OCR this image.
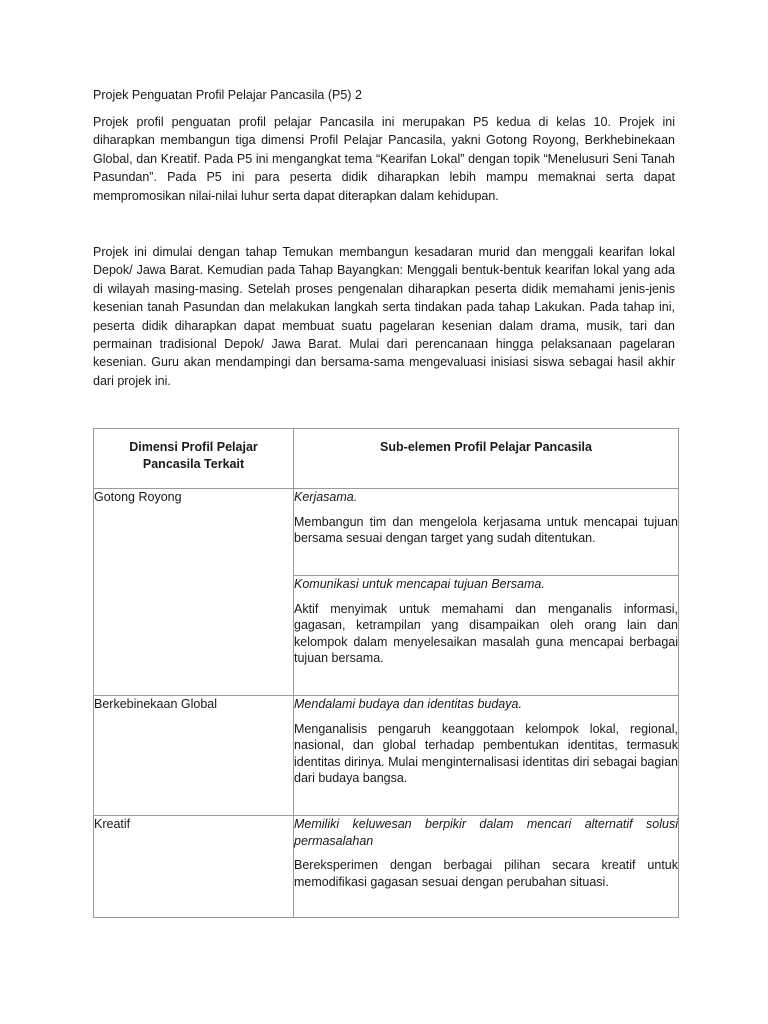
Projek Penguatan Profil Pelajar Pancasila (P5) 2

Projek profil penguatan profil pelajar Pancasila ini merupakan P5 kedua di kelas 10. Projek ini diharapkan membangun tiga dimensi Profil Pelajar Pancasila, yakni Gotong Royong, Berkhebinekaan Global, dan Kreatif. Pada P5 ini mengangkat tema “Kearifan Lokal” dengan topik “Menelusuri Seni Tanah Pasundan”. Pada P5 ini para peserta didik diharapkan lebih mampu memaknai serta dapat mempromosikan nilai-nilai luhur serta dapat diterapkan dalam kehidupan.

Projek ini dimulai dengan tahap Temukan membangun kesadaran murid dan menggali kearifan lokal Depok/ Jawa Barat. Kemudian pada Tahap Bayangkan: Menggali bentuk-bentuk kearifan lokal yang ada di wilayah masing-masing. Setelah proses pengenalan diharapkan peserta didik memahami jenis-jenis kesenian tanah Pasundan dan melakukan langkah serta tindakan pada tahap Lakukan. Pada tahap ini, peserta didik diharapkan dapat membuat suatu pagelaran kesenian dalam drama, musik, tari dan permainan tradisional Depok/ Jawa Barat. Mulai dari perencanaan hingga pelaksanaan pagelaran kesenian. Guru akan mendampingi dan bersama-sama mengevaluasi inisiasi siswa sebagai hasil akhir dari projek ini.

Dimensi Profil Pelajar Pancasila Terkait	Sub-elemen Profil Pelajar Pancasila

Gotong Royong	Kerjasama.

Membangun tim dan mengelola kerjasama untuk mencapai tujuan bersama sesuai dengan target yang sudah ditentukan.

	Komunikasi untuk mencapai tujuan Bersama.

Aktif menyimak untuk memahami dan menganalis informasi, gagasan, ketrampilan yang disampaikan oleh orang lain dan kelompok dalam menyelesaikan masalah guna mencapai berbagai tujuan bersama.

Berkebinekaan Global	Mendalami budaya dan identitas budaya.

Menganalisis pengaruh keanggotaan kelompok lokal, regional, nasional, dan global terhadap pembentukan identitas, termasuk identitas dirinya. Mulai menginternalisasi identitas diri sebagai bagian dari budaya bangsa.

Kreatif	Memiliki keluwesan berpikir dalam mencari alternatif solusi permasalahan

Bereksperimen dengan berbagai pilihan secara kreatif untuk memodifikasi gagasan sesuai dengan perubahan situasi.
